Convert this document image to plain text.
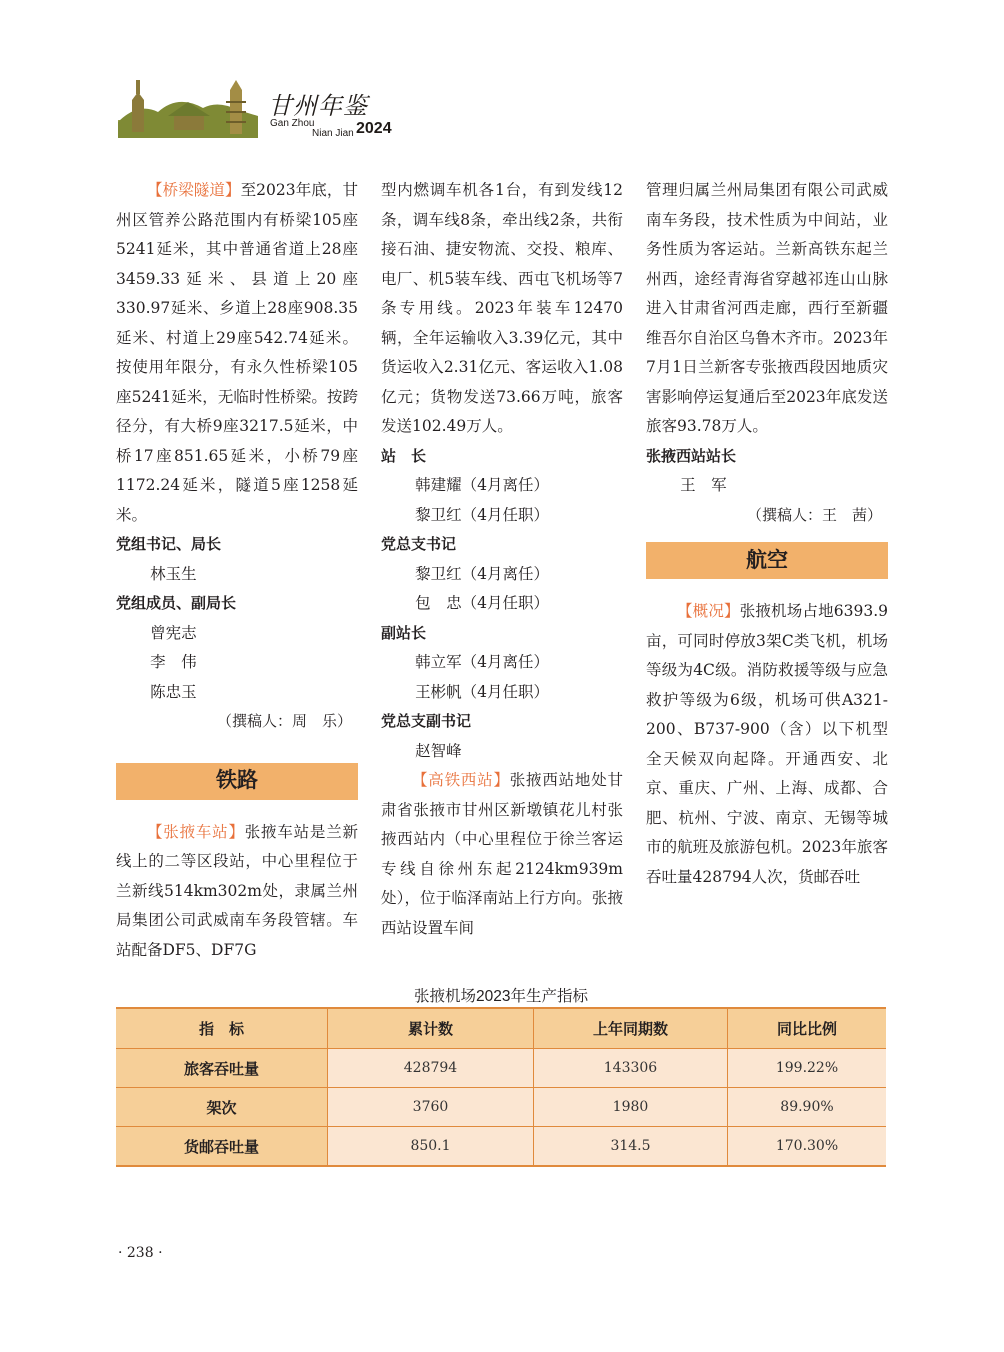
甘州年鉴
Gan Zhou
Nian Jian 2024

【桥梁隧道】至2023年底，甘州区管养公路范围内有桥梁105座5241延米，其中普通省道上28座3459.33延米、县道上20座330.97延米、乡道上28座908.35延米、村道上29座542.74延米。按使用年限分，有永久性桥梁105座5241延米，无临时性桥梁。按跨径分，有大桥9座3217.5延米，中桥17座851.65延米，小桥79座1172.24延米，隧道5座1258延米。

党组书记、局长

林玉生

党组成员、副局长

曾宪志

李　伟

陈忠玉

（撰稿人：周　乐）

铁路

【张掖车站】张掖车站是兰新线上的二等区段站，中心里程位于兰新线514km302m处，隶属兰州局集团公司武威南车务段管辖。车站配备DF5、DF7G

型内燃调车机各1台，有到发线12条，调车线8条，牵出线2条，共衔接石油、捷安物流、交投、粮库、电厂、机5装车线、西屯飞机场等7条专用线。2023年装车12470辆，全年运输收入3.39亿元，其中货运收入2.31亿元、客运收入1.08亿元；货物发送73.66万吨，旅客发送102.49万人。

站　长

韩建耀（4月离任）

黎卫红（4月任职）

党总支书记

黎卫红（4月离任）

包　忠（4月任职）

副站长

韩立军（4月离任）

王彬帆（4月任职）

党总支副书记

赵智峰

【高铁西站】张掖西站地处甘肃省张掖市甘州区新墩镇花儿村张掖西站内（中心里程位于徐兰客运专线自徐州东起2124km939m处），位于临泽南站上行方向。张掖西站设置车间

管理归属兰州局集团有限公司武威南车务段，技术性质为中间站，业务性质为客运站。兰新高铁东起兰州西，途经青海省穿越祁连山山脉进入甘肃省河西走廊，西行至新疆维吾尔自治区乌鲁木齐市。2023年7月1日兰新客专张掖西段因地质灾害影响停运复通后至2023年底发送旅客93.78万人。

张掖西站站长

王　军

（撰稿人：王　茜）

航空

【概况】张掖机场占地6393.9亩，可同时停放3架C类飞机，机场等级为4C级。消防救援等级与应急救护等级为6级，机场可供A321-200、B737-900（含）以下机型全天候双向起降。开通西安、北京、重庆、广州、上海、成都、合肥、杭州、宁波、南京、无锡等城市的航班及旅游包机。2023年旅客吞吐量428794人次，货邮吞吐

张掖机场2023年生产指标
指　标	累计数	上年同期数	同比比例
旅客吞吐量	428794	143306	199.22%
架次	3760	1980	89.90%
货邮吞吐量	850.1	314.5	170.30%
· 238 ·
